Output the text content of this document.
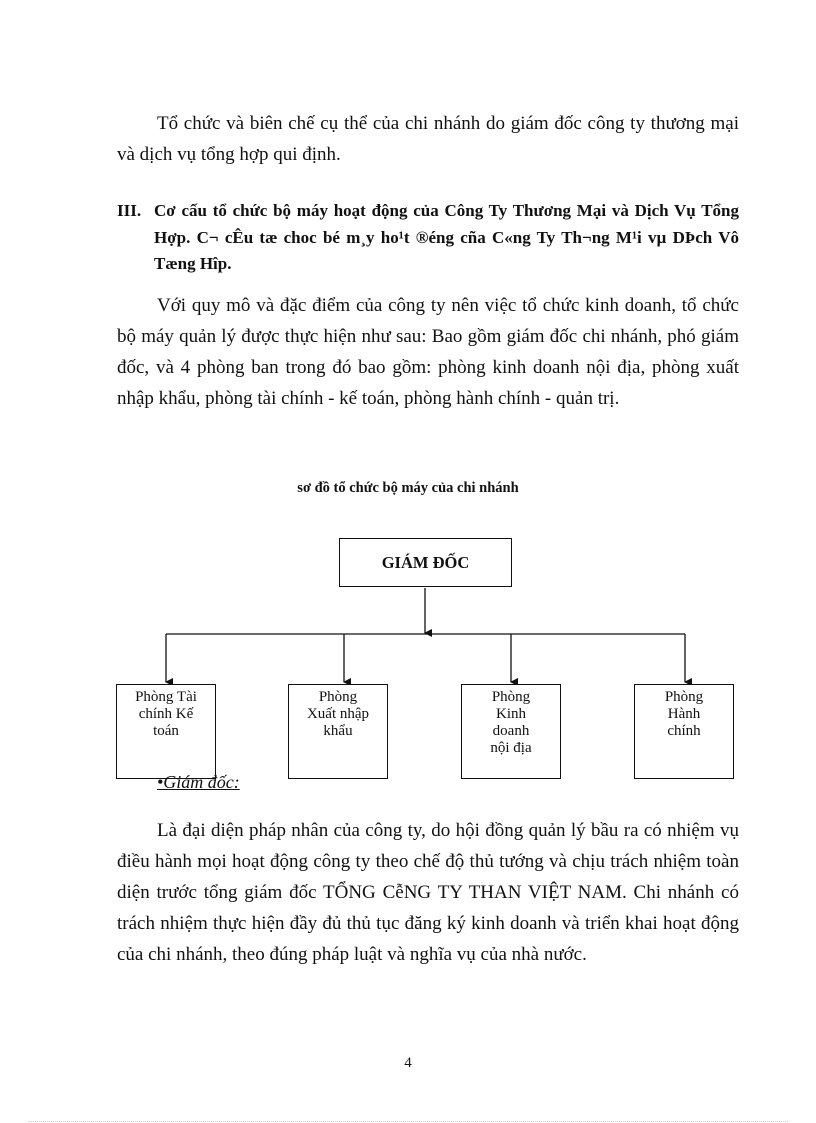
Tổ chức và biên chế cụ thể của chi nhánh do giám đốc công ty thương mại và dịch vụ tổng hợp qui định.

III. Cơ cấu tổ chức bộ máy hoạt động của Công Ty Thương Mại và Dịch Vụ Tổng Hợp. C¬ cÊu tæ choc bé m¸y ho¹t ®éng cña C«ng Ty Th¬ng M¹i vµ DÞch Vô Tæng Hîp.

Với quy mô và đặc điểm của công ty nên việc tổ chức kinh doanh, tổ chức bộ máy quản lý được thực hiện như sau: Bao gồm giám đốc chi nhánh, phó giám đốc, và 4 phòng ban trong đó bao gồm: phòng kinh doanh nội địa, phòng xuất nhập khẩu, phòng tài chính - kế toán, phòng hành chính - quản trị.

sơ đồ tổ chức bộ máy của chi nhánh

GIÁM ĐỐC
Phòng Tài
chính Kế
toán
Phòng
Xuất nhập
khẩu
Phòng
Kinh
doanh
nội địa
Phòng
Hành
chính

•Giám đốc:

Là đại diện pháp nhân của công ty, do hội đồng quản lý bầu ra có nhiệm vụ điều hành mọi hoạt động công ty theo chế độ thủ tướng và chịu trách nhiệm toàn diện trước tổng giám đốc TỔNG CễNG TY THAN VIỆT NAM. Chi nhánh có trách nhiệm thực hiện đầy đủ thủ tục đăng ký kinh doanh và triển khai hoạt động của chi nhánh, theo đúng pháp luật và nghĩa vụ của nhà nước.

4
